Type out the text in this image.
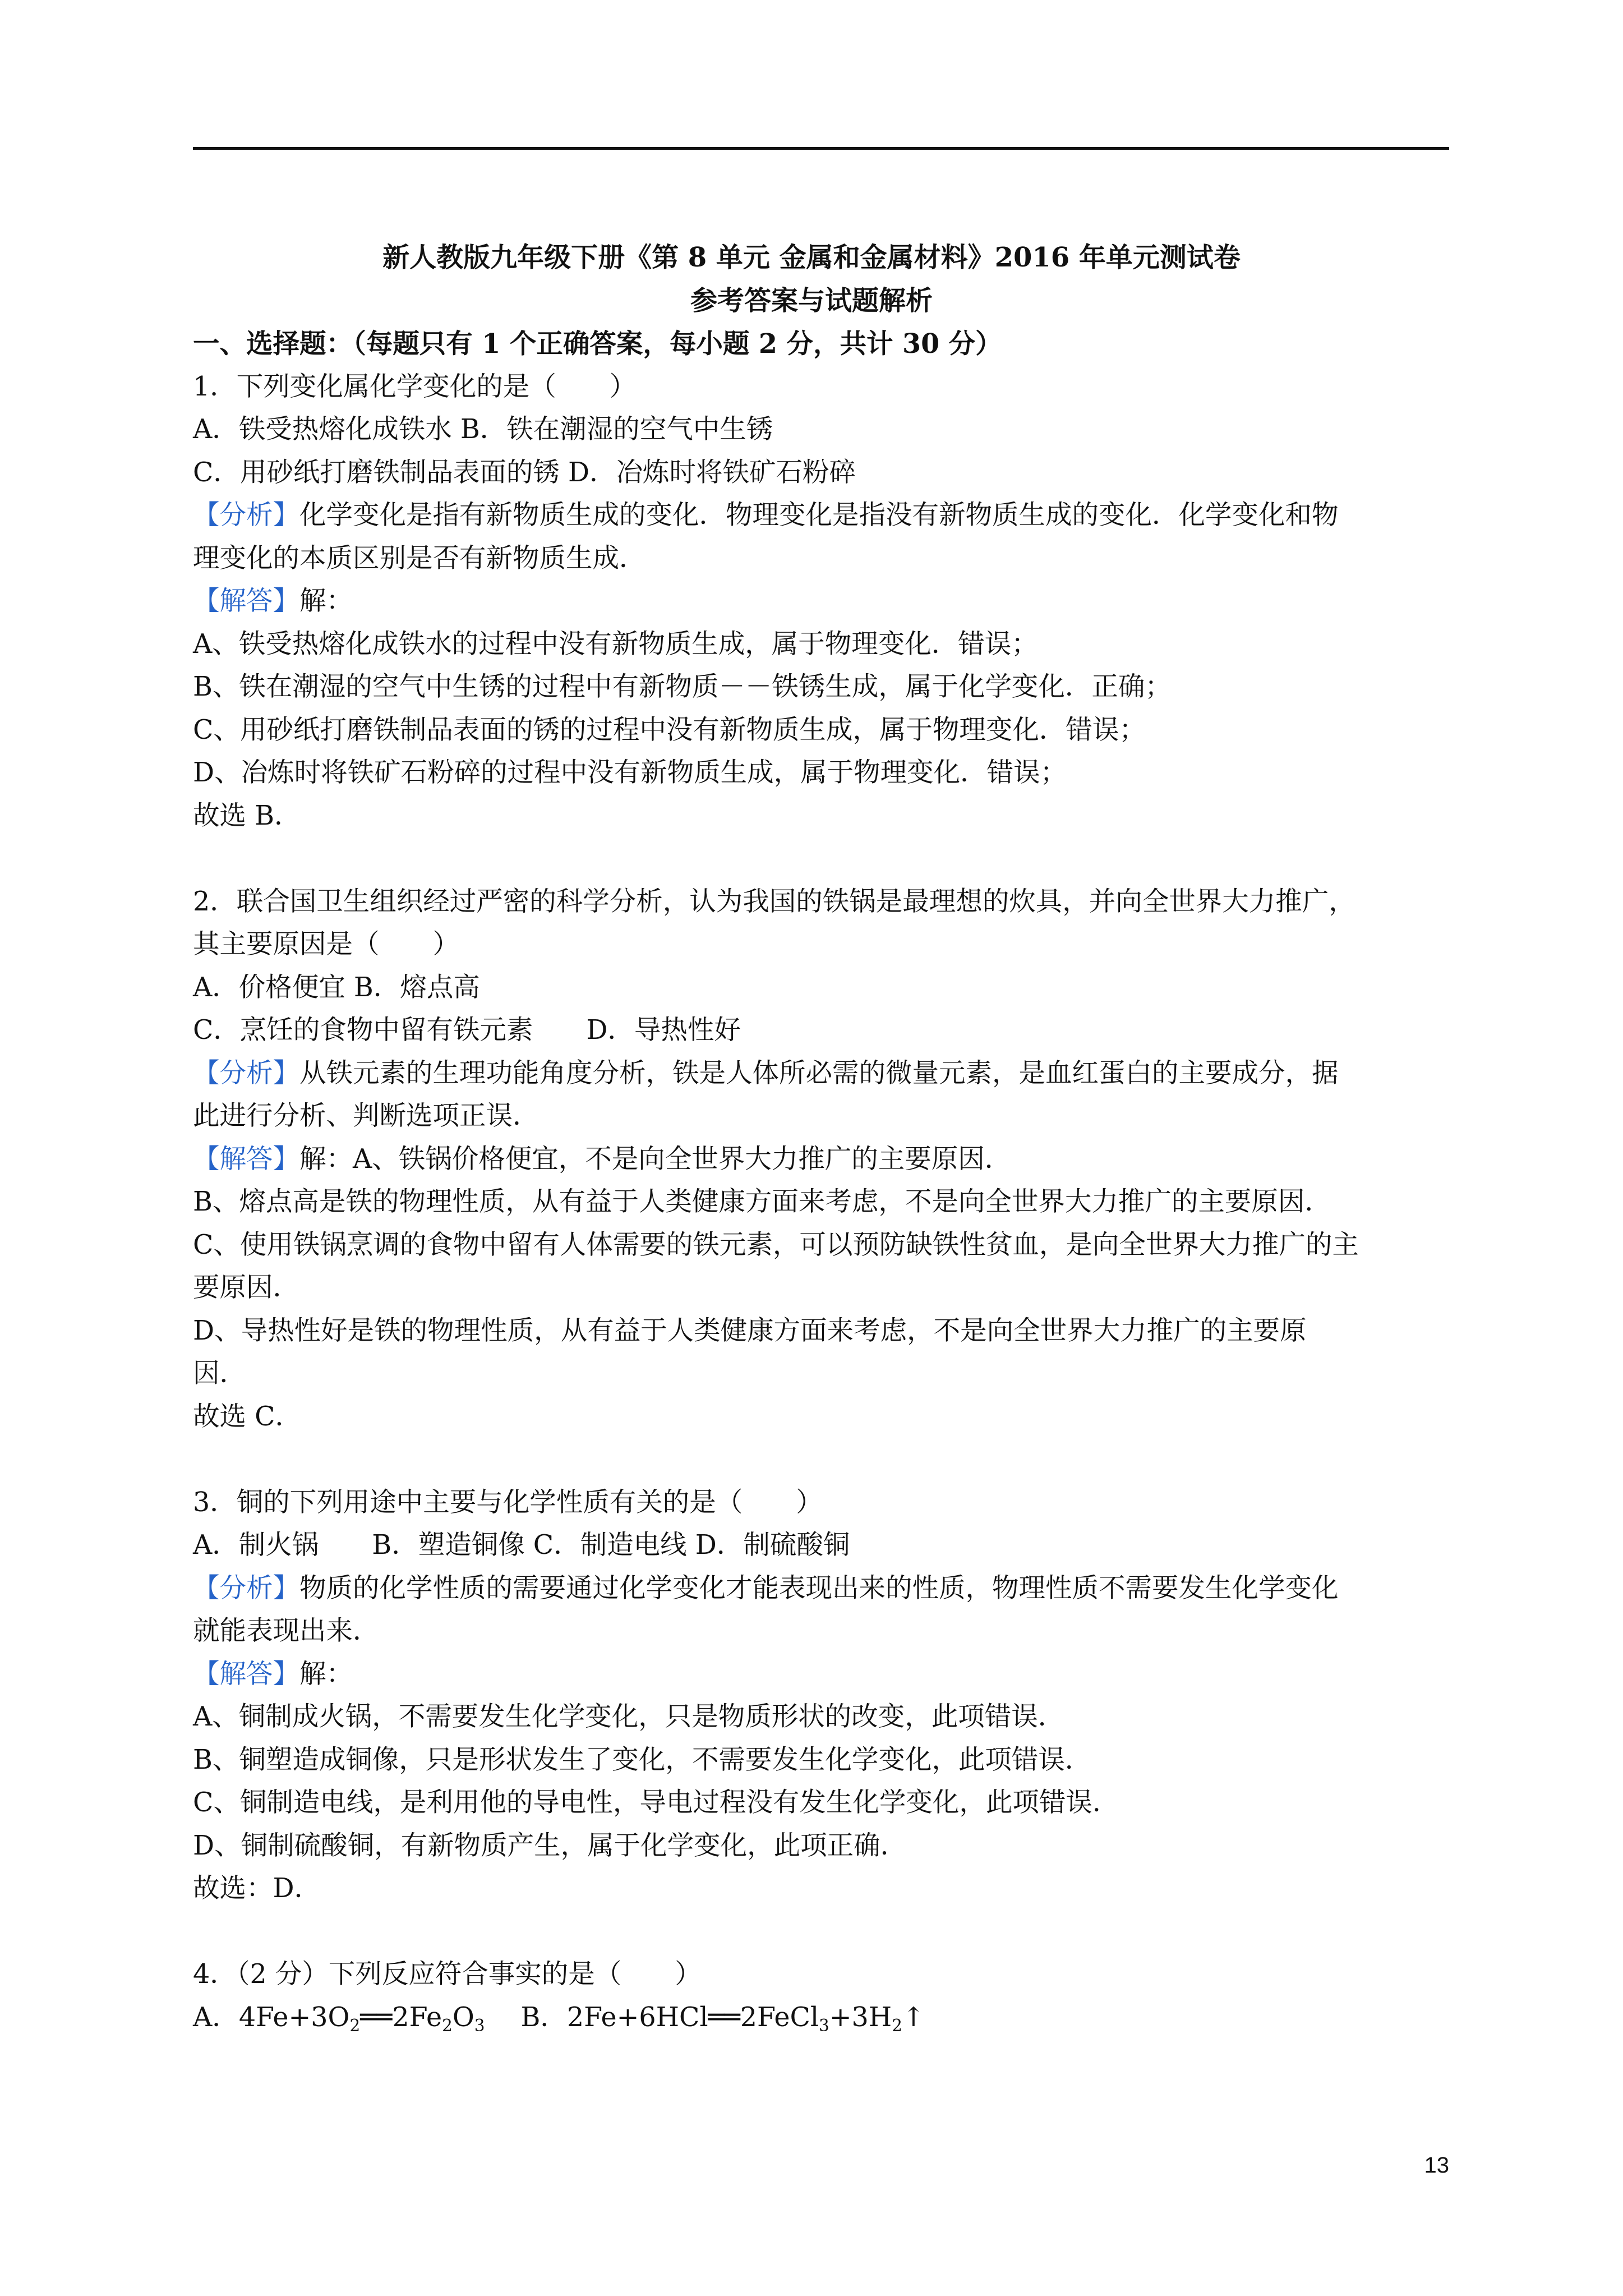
新人教版九年级下册《第 8 单元 金属和金属材料》2016 年单元测试卷
参考答案与试题解析
一、选择题：（每题只有 1 个正确答案，每小题 2 分，共计 30 分）
1．下列变化属化学变化的是（　　）
A．铁受热熔化成铁水 B．铁在潮湿的空气中生锈
C．用砂纸打磨铁制品表面的锈 D．冶炼时将铁矿石粉碎
【分析】化学变化是指有新物质生成的变化．物理变化是指没有新物质生成的变化．化学变化和物
理变化的本质区别是否有新物质生成．
【解答】解：
A、铁受热熔化成铁水的过程中没有新物质生成，属于物理变化．错误；
B、铁在潮湿的空气中生锈的过程中有新物质－－铁锈生成，属于化学变化．正确；
C、用砂纸打磨铁制品表面的锈的过程中没有新物质生成，属于物理变化．错误；
D、冶炼时将铁矿石粉碎的过程中没有新物质生成，属于物理变化．错误；
故选 B．
2．联合国卫生组织经过严密的科学分析，认为我国的铁锅是最理想的炊具，并向全世界大力推广，
其主要原因是（　　）
A．价格便宜 B．熔点高
C．烹饪的食物中留有铁元素　　D．导热性好
【分析】从铁元素的生理功能角度分析，铁是人体所必需的微量元素，是血红蛋白的主要成分，据
此进行分析、判断选项正误．
【解答】解：A、铁锅价格便宜，不是向全世界大力推广的主要原因．
B、熔点高是铁的物理性质，从有益于人类健康方面来考虑，不是向全世界大力推广的主要原因．
C、使用铁锅烹调的食物中留有人体需要的铁元素，可以预防缺铁性贫血，是向全世界大力推广的主
要原因．
D、导热性好是铁的物理性质，从有益于人类健康方面来考虑，不是向全世界大力推广的主要原
因．
故选 C．
3．铜的下列用途中主要与化学性质有关的是（　　）
A．制火锅　　B．塑造铜像 C．制造电线 D．制硫酸铜
【分析】物质的化学性质的需要通过化学变化才能表现出来的性质，物理性质不需要发生化学变化
就能表现出来．
【解答】解：
A、铜制成火锅，不需要发生化学变化，只是物质形状的改变，此项错误．
B、铜塑造成铜像，只是形状发生了变化，不需要发生化学变化，此项错误．
C、铜制造电线，是利用他的导电性，导电过程没有发生化学变化，此项错误．
D、铜制硫酸铜，有新物质产生，属于化学变化，此项正确．
故选：D．
4．（2 分）下列反应符合事实的是（　　）
A．$4Fe+3O_2══2Fe_2O_3$ B．$2Fe+6HCl══2FeCl_3+3H_2↑$
13
